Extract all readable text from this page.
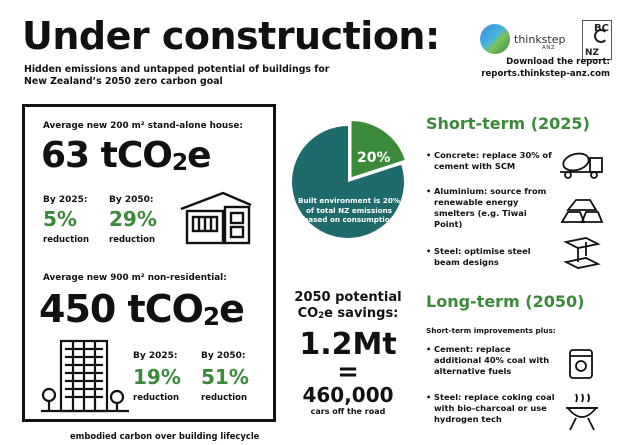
Under construction:
Hidden emissions and untapped potential of buildings for New Zealand’s 2050 zero carbon goal
thinkstep
ANZ
BC
NZ
Download the report:
reports.thinkstep-anz.com
Average new 200 m² stand-alone house:
63 tCO$_2$e
By 2025:
5%
reduction
By 2050:
29%
reduction
Average new 900 m² non-residential:
450 tCO$_2$e
By 2025:
19%
reduction
By 2050:
51%
reduction
embodied carbon over building lifecycle
20%
Built environment is 20% of total NZ emissions (based on consumption)
2050 potential
$CO_2e$ savings:
1.2Mt
=
460,000
cars off the road
Short-term (2025)
• Concrete: replace 30% of cement with SCM
• Aluminium: source from renewable energy smelters (e.g. Tiwai Point)
• Steel: optimise steel beam designs
Long-term (2050)
Short-term improvements plus:
• Cement: replace additional 40% coal with alternative fuels
• Steel: replace coking coal with bio-charcoal or use hydrogen tech
